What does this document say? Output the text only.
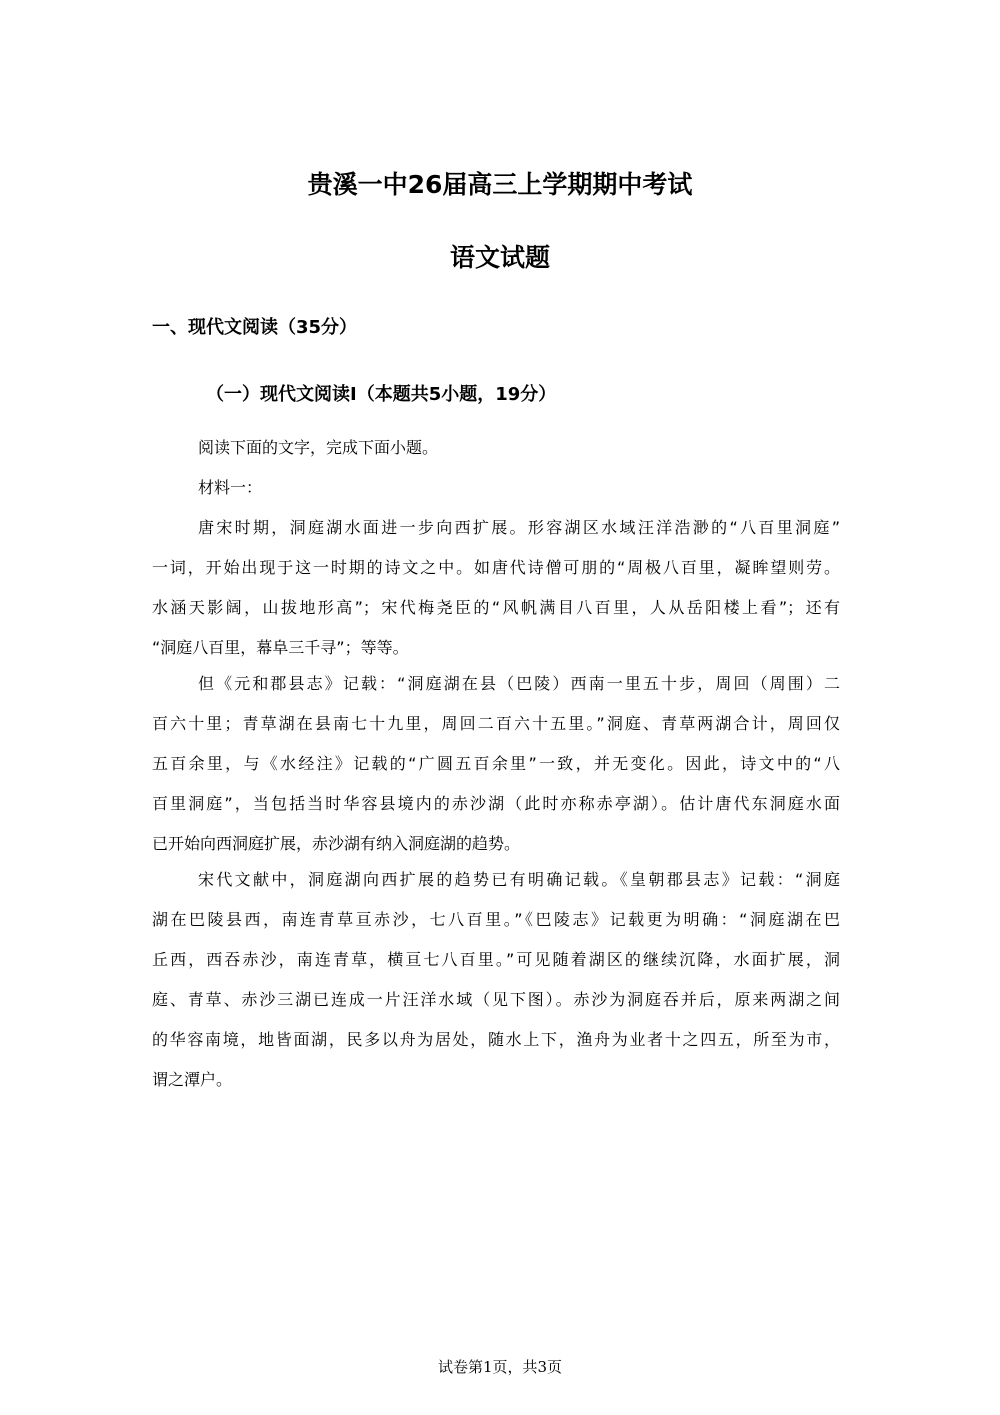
贵溪一中26届高三上学期期中考试
语文试题
一、现代文阅读（35分）
（一）现代文阅读Ⅰ（本题共5小题，19分）
阅读下面的文字，完成下面小题。
材料一：
唐宋时期，洞庭湖水面进一步向西扩展。形容湖区水域汪洋浩渺的“八百里洞庭”
一词，开始出现于这一时期的诗文之中。如唐代诗僧可朋的“周极八百里，凝眸望则劳。
水涵天影阔，山拔地形高”；宋代梅尧臣的“风帆满目八百里，人从岳阳楼上看”；还有
“洞庭八百里，幕阜三千寻”；等等。
但《元和郡县志》记载：“洞庭湖在县（巴陵）西南一里五十步，周回（周围）二
百六十里；青草湖在县南七十九里，周回二百六十五里。”洞庭、青草两湖合计，周回仅
五百余里，与《水经注》记载的“广圆五百余里”一致，并无变化。因此，诗文中的“八
百里洞庭”，当包括当时华容县境内的赤沙湖（此时亦称赤亭湖）。估计唐代东洞庭水面
已开始向西洞庭扩展，赤沙湖有纳入洞庭湖的趋势。
宋代文献中，洞庭湖向西扩展的趋势已有明确记载。《皇朝郡县志》记载：“洞庭
湖在巴陵县西，南连青草亘赤沙，七八百里。”《巴陵志》记载更为明确：“洞庭湖在巴
丘西，西吞赤沙，南连青草，横亘七八百里。”可见随着湖区的继续沉降，水面扩展，洞
庭、青草、赤沙三湖已连成一片汪洋水域（见下图）。赤沙为洞庭吞并后，原来两湖之间
的华容南境，地皆面湖，民多以舟为居处，随水上下，渔舟为业者十之四五，所至为市，
谓之潭户。
试卷第1页，共3页
